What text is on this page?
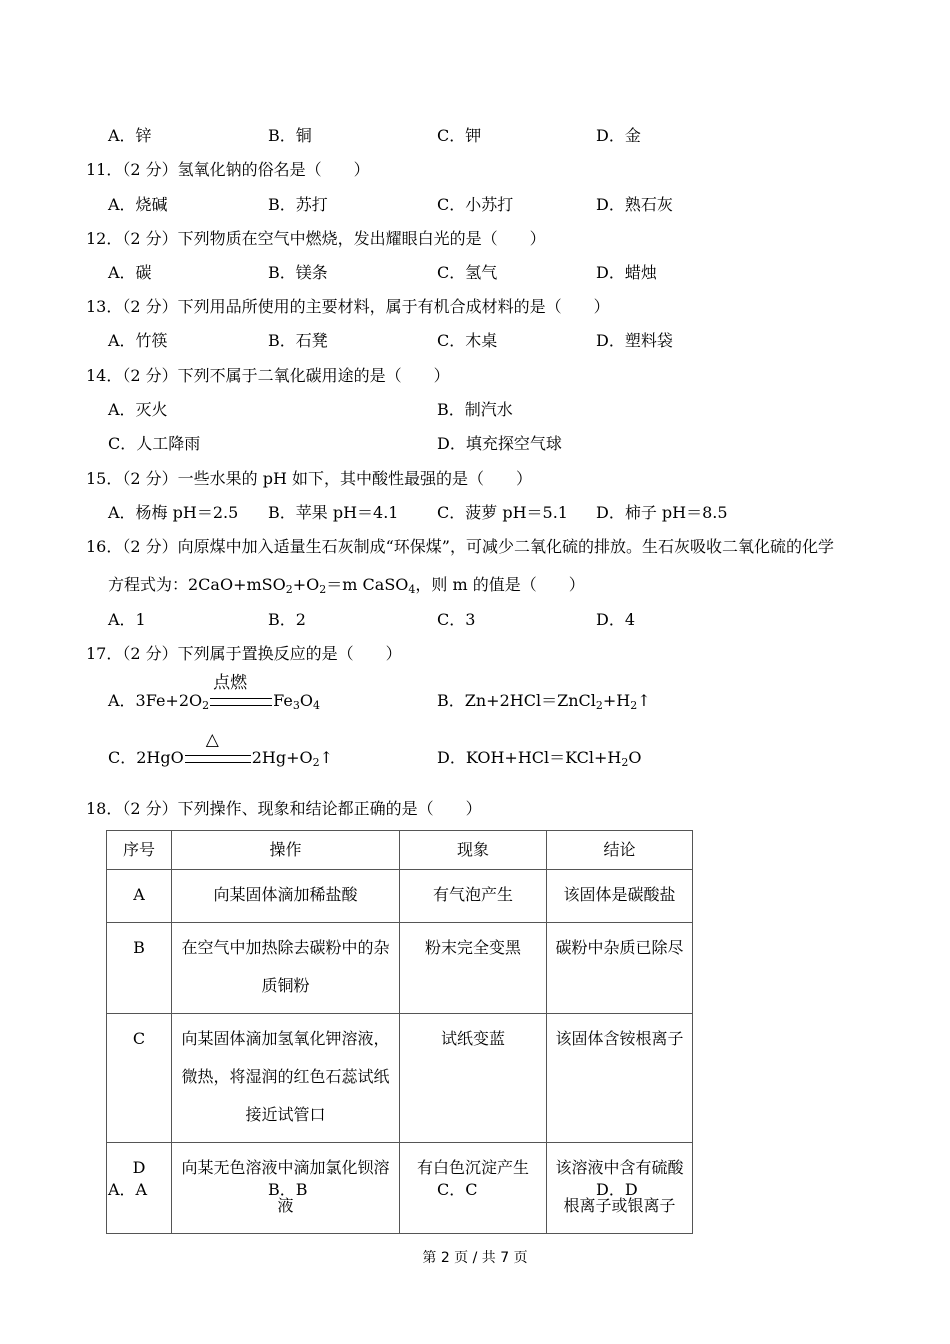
A．锌	B．铜	C．钾	D．金
11．（2 分）氢氧化钠的俗名是（　　）
A．烧碱	B．苏打	C．小苏打	D．熟石灰
12．（2 分）下列物质在空气中燃烧，发出耀眼白光的是（　　）
A．碳	B．镁条	C．氢气	D．蜡烛
13．（2 分）下列用品所使用的主要材料，属于有机合成材料的是（　　）
A．竹筷	B．石凳	C．木桌	D．塑料袋
14．（2 分）下列不属于二氧化碳用途的是（　　）
A．灭火	B．制汽水
C．人工降雨	D．填充探空气球
15．（2 分）一些水果的 pH 如下，其中酸性最强的是（　　）
A．杨梅 pH＝2.5 B．苹果 pH＝4.1 C．菠萝 pH＝5.1 D．柿子 pH＝8.5
16．（2 分）向原煤中加入适量生石灰制成“环保煤”，可减少二氧化硫的排放。生石灰吸收二氧化硫的化学
方程式为：$2CaO+mSO_2+O_2=m$ CaSO$_4$，则 m 的值是（　　）
A．1	B．2	C．3	D．4
17．（2 分）下列属于置换反应的是（　　）
A．$3Fe+2O_2$
点燃
$Fe_3O_4$	B．$Zn+2HCl=ZnCl_2+H_2↑$
C．2HgO
△
$2Hg+O_2↑$	D．$KOH+HCl=KCl+H_2O$
18．（2 分）下列操作、现象和结论都正确的是（　　）
序号	操作	现象	结论
A	向某固体滴加稀盐酸	有气泡产生	该固体是碳酸盐
B	在空气中加热除去碳粉中的杂质铜粉	粉末完全变黑	碳粉中杂质已除尽
C	向某固体滴加氢氧化钾溶液，微热，将湿润的红色石蕊试纸接近试管口	试纸变蓝	该固体含铵根离子
D	向某无色溶液中滴加氯化钡溶液	有白色沉淀产生	该溶液中含有硫酸根离子或银离子
A．A	B．B	C．C	D．D
第 2 页 / 共 7 页
